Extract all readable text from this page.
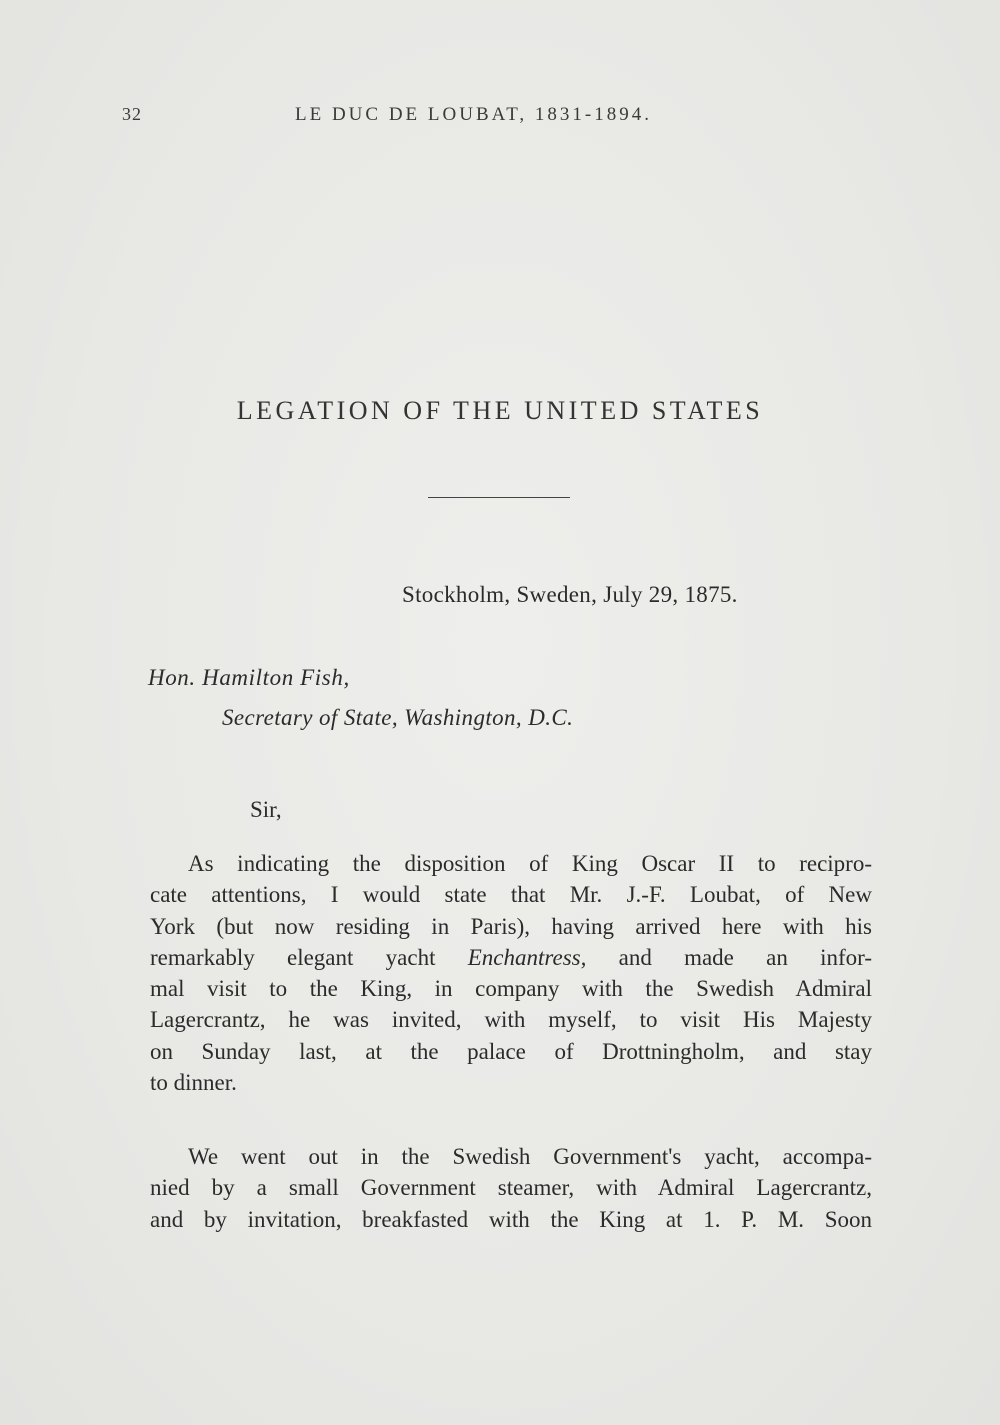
32	LE DUC DE LOUBAT, 1831-1894.
LEGATION OF THE UNITED STATES
Stockholm, Sweden, July 29, 1875.
Hon. Hamilton Fish,
Secretary of State, Washington, D.C.
Sir,
As indicating the disposition of King Oscar II to recipro-
cate attentions, I would state that Mr. J.-F. Loubat, of New
York (but now residing in Paris), having arrived here with his
remarkably elegant yacht Enchantress, and made an infor-
mal visit to the King, in company with the Swedish Admiral
Lagercrantz, he was invited, with myself, to visit His Majesty
on Sunday last, at the palace of Drottningholm, and stay
to dinner.
We went out in the Swedish Government's yacht, accompa-
nied by a small Government steamer, with Admiral Lagercrantz,
and by invitation, breakfasted with the King at 1. P. M. Soon
